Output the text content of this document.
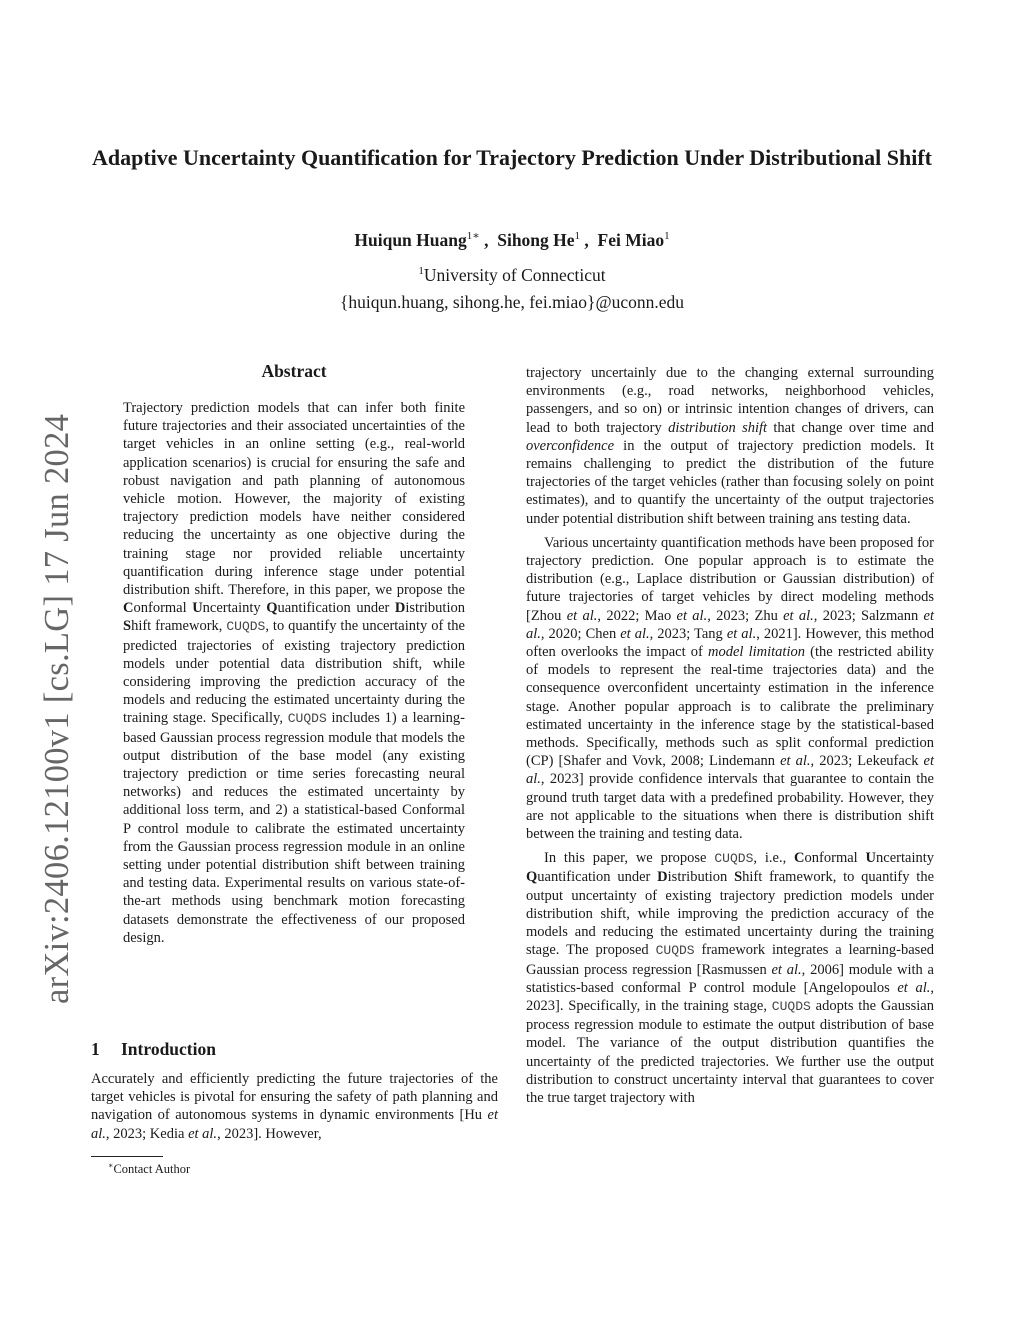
arXiv:2406.12100v1 [cs.LG] 17 Jun 2024
Adaptive Uncertainty Quantification for Trajectory Prediction Under Distributional Shift
Huiqun Huang$^{1∗}$ ,  Sihong He$^1$ ,  Fei Miao$^1$
$^1$University of Connecticut
{huiqun.huang, sihong.he, fei.miao}@uconn.edu
Abstract
Trajectory prediction models that can infer both finite future trajectories and their associated uncertainties of the target vehicles in an online setting (e.g., real-world application scenarios) is crucial for ensuring the safe and robust navigation and path planning of autonomous vehicle motion. However, the majority of existing trajectory prediction models have neither considered reducing the uncertainty as one objective during the training stage nor provided reliable uncertainty quantification during inference stage under potential distribution shift. Therefore, in this paper, we propose the Conformal Uncertainty Quantification under Distribution Shift framework, CUQDS, to quantify the uncertainty of the predicted trajectories of existing trajectory prediction models under potential data distribution shift, while considering improving the prediction accuracy of the models and reducing the estimated uncertainty during the training stage. Specifically, CUQDS includes 1) a learning-based Gaussian process regression module that models the output distribution of the base model (any existing trajectory prediction or time series forecasting neural networks) and reduces the estimated uncertainty by additional loss term, and 2) a statistical-based Conformal P control module to calibrate the estimated uncertainty from the Gaussian process regression module in an online setting under potential distribution shift between training and testing data. Experimental results on various state-of-the-art methods using benchmark motion forecasting datasets demonstrate the effectiveness of our proposed design.
1 Introduction
Accurately and efficiently predicting the future trajectories of the target vehicles is pivotal for ensuring the safety of path planning and navigation of autonomous systems in dynamic environments [Hu et al., 2023; Kedia et al., 2023]. However,
∗Contact Author

trajectory uncertainly due to the changing external surrounding environments (e.g., road networks, neighborhood vehicles, passengers, and so on) or intrinsic intention changes of drivers, can lead to both trajectory distribution shift that change over time and overconfidence in the output of trajectory prediction models. It remains challenging to predict the distribution of the future trajectories of the target vehicles (rather than focusing solely on point estimates), and to quantify the uncertainty of the output trajectories under potential distribution shift between training ans testing data.

Various uncertainty quantification methods have been proposed for trajectory prediction. One popular approach is to estimate the distribution (e.g., Laplace distribution or Gaussian distribution) of future trajectories of target vehicles by direct modeling methods [Zhou et al., 2022; Mao et al., 2023; Zhu et al., 2023; Salzmann et al., 2020; Chen et al., 2023; Tang et al., 2021]. However, this method often overlooks the impact of model limitation (the restricted ability of models to represent the real-time trajectories data) and the consequence overconfident uncertainty estimation in the inference stage. Another popular approach is to calibrate the preliminary estimated uncertainty in the inference stage by the statistical-based methods. Specifically, methods such as split conformal prediction (CP) [Shafer and Vovk, 2008; Lindemann et al., 2023; Lekeufack et al., 2023] provide confidence intervals that guarantee to contain the ground truth target data with a predefined probability. However, they are not applicable to the situations when there is distribution shift between the training and testing data.

In this paper, we propose CUQDS, i.e., Conformal Uncertainty Quantification under Distribution Shift framework, to quantify the output uncertainty of existing trajectory prediction models under distribution shift, while improving the prediction accuracy of the models and reducing the estimated uncertainty during the training stage. The proposed CUQDS framework integrates a learning-based Gaussian process regression [Rasmussen et al., 2006] module with a statistics-based conformal P control module [Angelopoulos et al., 2023]. Specifically, in the training stage, CUQDS adopts the Gaussian process regression module to estimate the output distribution of base model. The variance of the output distribution quantifies the uncertainty of the predicted trajectories. We further use the output distribution to construct uncertainty interval that guarantees to cover the true target trajectory with
